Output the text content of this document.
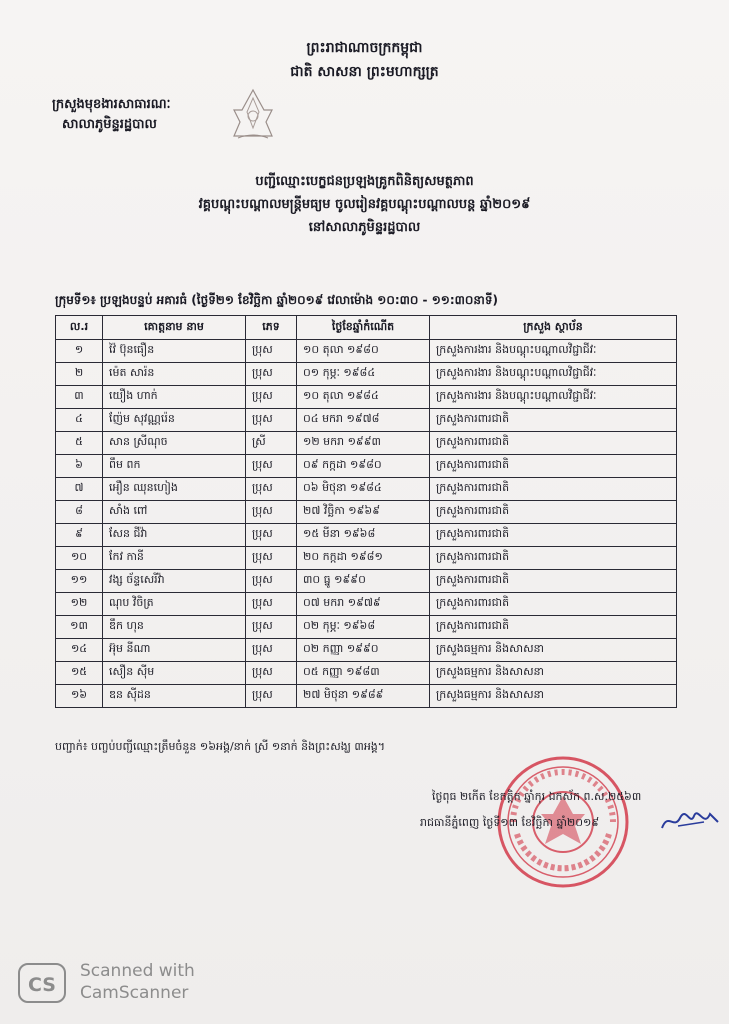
ព្រះរាជាណាចក្រកម្ពុជា
ជាតិ សាសនា ព្រះមហាក្សត្រ
ក្រសួងមុខងារសាធារណៈ
សាលាភូមិន្ទរដ្ឋបាល
បញ្ជីឈ្មោះបេក្ខជនប្រឡងគ្រូកពិនិត្យសមត្ថភាព
វគ្គបណ្តុះបណ្តាលមន្ត្រីមធ្យម ចូលរៀនវគ្គបណ្តុះបណ្តាលបន្ត ឆ្នាំ២០១៩
នៅសាលាភូមិន្ទរដ្ឋបាល
ក្រុមទី១៖ ប្រឡងបន្ទប់ អគារធំ (ថ្ងៃទី២១ ខែវិច្ឆិកា ឆ្នាំ២០១៩ វេលាម៉ោង ១០:៣០ - ១១:៣០នាទី)
ល.រ	គោត្តនាម នាម	ភេទ	ថ្ងៃខែឆ្នាំកំណើត	ក្រសួង ស្ថាប័ន
១	វ៉ៃ ប៊ុនធឿន	ប្រុស	១០ តុលា ១៩៨០	ក្រសួងការងារ និងបណ្តុះបណ្តាលវិជ្ជាជីវៈ
២	ម៉េត សារ៉ន	ប្រុស	០១ កុម្ភៈ ១៩៨៤	ក្រសួងការងារ និងបណ្តុះបណ្តាលវិជ្ជាជីវៈ
៣	យឿង ហាក់	ប្រុស	១០ តុលា ១៩៨៤	ក្រសួងការងារ និងបណ្តុះបណ្តាលវិជ្ជាជីវៈ
៤	ញ៉ែម សុវណ្ណរ៉េន	ប្រុស	០៤ មករា ១៩៧៨	ក្រសួងការពារជាតិ
៥	សាន ស្រីណុច	ស្រី	១២ មករា ១៩៩៣	ក្រសួងការពារជាតិ
៦	ពឹម ពក	ប្រុស	០៩ កក្កដា ១៩៨០	ក្រសួងការពារជាតិ
៧	អឿន ឈុនហៀង	ប្រុស	០៦ មិថុនា ១៩៨៤	ក្រសួងការពារជាតិ
៨	សាំង ពៅ	ប្រុស	២៧ វិច្ឆិកា ១៩៦៩	ក្រសួងការពារជាតិ
៩	សែន ជីវ៉ា	ប្រុស	១៥ មីនា ១៩៦៨	ក្រសួងការពារជាតិ
១០	កែវ កានី	ប្រុស	២០ កក្កដា ១៩៨១	ក្រសួងការពារជាតិ
១១	វង្ស ច័ន្ទសេរីវ៉ា	ប្រុស	៣០ ធ្នូ ១៩៩០	ក្រសួងការពារជាតិ
១២	ណុប វិចិត្រ	ប្រុស	០៧ មករា ១៩៧៩	ក្រសួងការពារជាតិ
១៣	ឌឹក ហុន	ប្រុស	០២ កុម្ភៈ ១៩៦៨	ក្រសួងការពារជាតិ
១៤	អ៊ុម នីណា	ប្រុស	០២ កញ្ញា ១៩៩០	ក្រសួងធម្មការ និងសាសនា
១៥	សឿន ស៊ីម	ប្រុស	០៥ កញ្ញា ១៩៨៣	ក្រសួងធម្មការ និងសាសនា
១៦	ឌន ស៊ីដន	ប្រុស	២៧ មិថុនា ១៩៨៩	ក្រសួងធម្មការ និងសាសនា
បញ្ជាក់៖ បញ្ចប់បញ្ជីឈ្មោះត្រឹមចំនួន ១៦អង្គ/នាក់ ស្រី ១នាក់ និងព្រះសង្ឃ ៣អង្គ។
ថ្ងៃពុធ ២កើត ខែកត្តិក ឆ្នាំកុរ ឯកស័ក ព.ស.២៥៦៣
រាជធានីភ្នំពេញ ថ្ងៃទី១៣ ខែវិច្ឆិកា ឆ្នាំ២០១៩
CS
Scanned with
CamScanner
